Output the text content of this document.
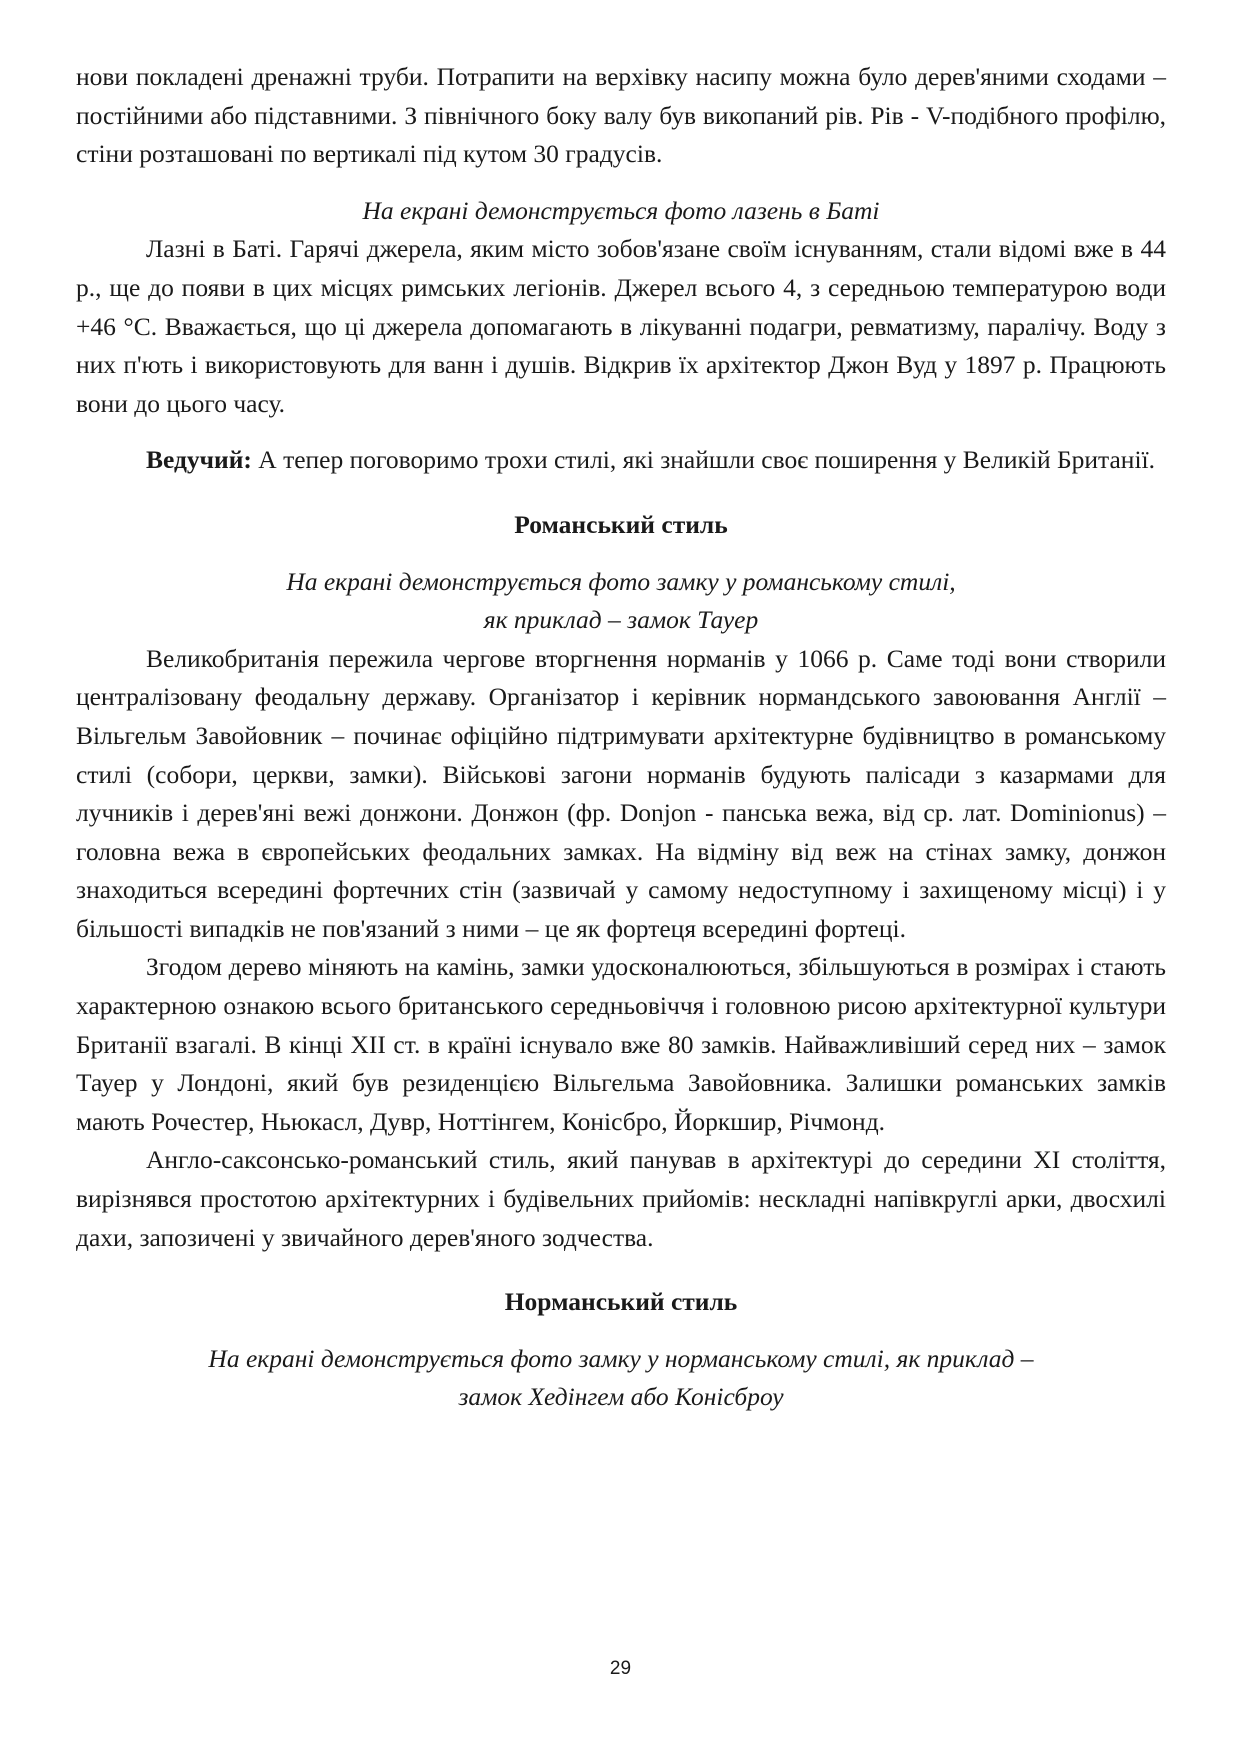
нови покладені дренажні труби. Потрапити на верхівку насипу можна було дерев'яними сходами – постійними або підставними. З північного боку валу був викопаний рів. Рів - V-подібного профілю, стіни розташовані по вертикалі під кутом 30 градусів.

На екрані демонструється фото лазень в Баті

Лазні в Баті. Гарячі джерела, яким місто зобов'язане своїм існуванням, стали відомі вже в 44 р., ще до появи в цих місцях римських легіонів. Джерел всього 4, з середньою температурою води +46 °С. Вважається, що ці джерела допомагають в лікуванні подагри, ревматизму, паралічу. Воду з них п'ють і використовують для ванн і душів. Відкрив їх архітектор Джон Вуд у 1897 р. Працюють вони до цього часу.

Ведучий: А тепер поговоримо трохи стилі, які знайшли своє поширення у Великій Британії.

Романський стиль

На екрані демонструється фото замку у романському стилі,
як приклад – замок Тауер

Великобританія пережила чергове вторгнення норманів у 1066 р. Саме тоді вони створили централізовану феодальну державу. Організатор і керівник нормандського завоювання Англії – Вільгельм Завойовник – починає офіційно підтримувати архітектурне будівництво в романському стилі (собори, церкви, замки). Військові загони норманів будують палісади з казармами для лучників і дерев'яні вежі донжони. Донжон (фр. Donjon - панська вежа, від ср. лат. Dominionus) – головна вежа в європейських феодальних замках. На відміну від веж на стінах замку, донжон знаходиться всередині фортечних стін (зазвичай у самому недоступному і захищеному місці) і у більшості випадків не пов'язаний з ними – це як фортеця всередині фортеці.

Згодом дерево міняють на камінь, замки удосконалюються, збільшуються в розмірах і стають характерною ознакою всього британського середньовіччя і головною рисою архітектурної культури Британії взагалі. В кінці XII ст. в країні існувало вже 80 замків. Найважливіший серед них – замок Тауер у Лондоні, який був резиденцією Вільгельма Завойовника. Залишки романських замків мають Рочестер, Ньюкасл, Дувр, Ноттінгем, Конісбро, Йоркшир, Річмонд.

Англо-саксонсько-романський стиль, який панував в архітектурі до середини XI століття, вирізнявся простотою архітектурних і будівельних прийомів: нескладні напівкруглі арки, двосхилі дахи, запозичені у звичайного дерев'яного зодчества.

Норманський стиль

На екрані демонструється фото замку у норманському стилі, як приклад –
замок Хедінгем або Конісброу

29
